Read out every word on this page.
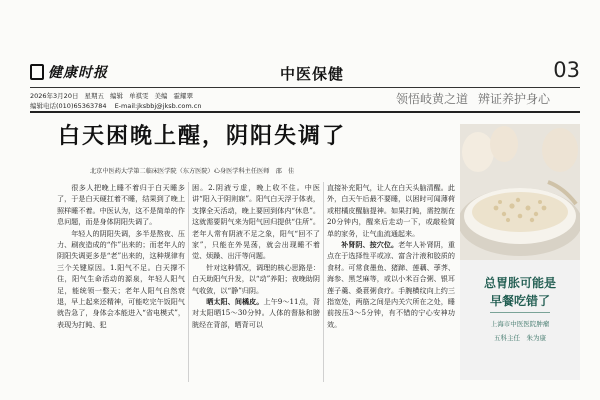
健康时报	中医保健	03
2026年3月20日 星期五 编辑 单祺雯 美编 霍耀翠
编辑电话(010)65363784 E-mail:jksbbj@jksb.com.cn	领悟岐黄之道 辨证养护身心
白天困晚上醒，阴阳失调了
北京中医药大学第二临床医学院（东方医院）心身医学科主任医师　邵　佳

很多人把晚上睡不着归于白天睡多了，于是白天硬扛着不睡，结果到了晚上照样睡不着。中医认为，这不是简单的作息问题，而是身体阴阳失调了。

年轻人的阴阳失调，多半是熬夜、压力、刷夜造成的“作”出来的；而老年人的阴阳失调更多是“老”出来的，这种规律有三个关键原因。1.阳气不足。白天撑不住，阳气生命活动的源泉，年轻人阳气足，能统领一整天；老年人阳气自然衰退，早上起来还精神，可能吃完午饭阳气就告急了，身体会本能进入“省电模式”，表现为打盹、犯

困。2.阴液亏虚，晚上收不住。中医讲“阳入于阴则寐”。阳气白天浮于体表，支撑全天活动，晚上要回到体内“休息”。这就需要阴气来为阳气回归提供“住所”。老年人常有阴液不足之象，阳气“回不了家”，只能在外晃荡，就会出现睡不着觉、烦躁、出汗等问题。

针对这种情况，调理的核心思路是：白天助阳气升发，以“动”养阳；夜晚助阴气收敛，以“静”归阴。

晒太阳、间橘皮。上午9～11点，背对太阳晒15～30分钟。人体的督脉和膀胱经在背部，晒背可以

直接补充阳气，让人在白天头脑清醒。此外，白天午后最不要睡，以困时可闻薄荷或柑橘皮醒脑提神。如果打盹，需控制在20分钟内，醒来后走动一下，或敲检简单的家务，让气血流通起来。

补肾阴、按穴位。老年人补肾阴，重点在于选择性平或凉、富含汁液和胶质的食材。可常食墨鱼、猪蹄、莲藕、荸荠、海参、黑芝麻等，或以小米百合粥、银耳莲子羹、桑葚粥食疗。手腕横纹向上约三指宽处，两筋之间是内关穴所在之处，睡前按压3～5分钟，有不错的宁心安神功效。

总胃胀可能是
早餐吃错了
上海市中医医院肿瘤
五科主任　朱为康
